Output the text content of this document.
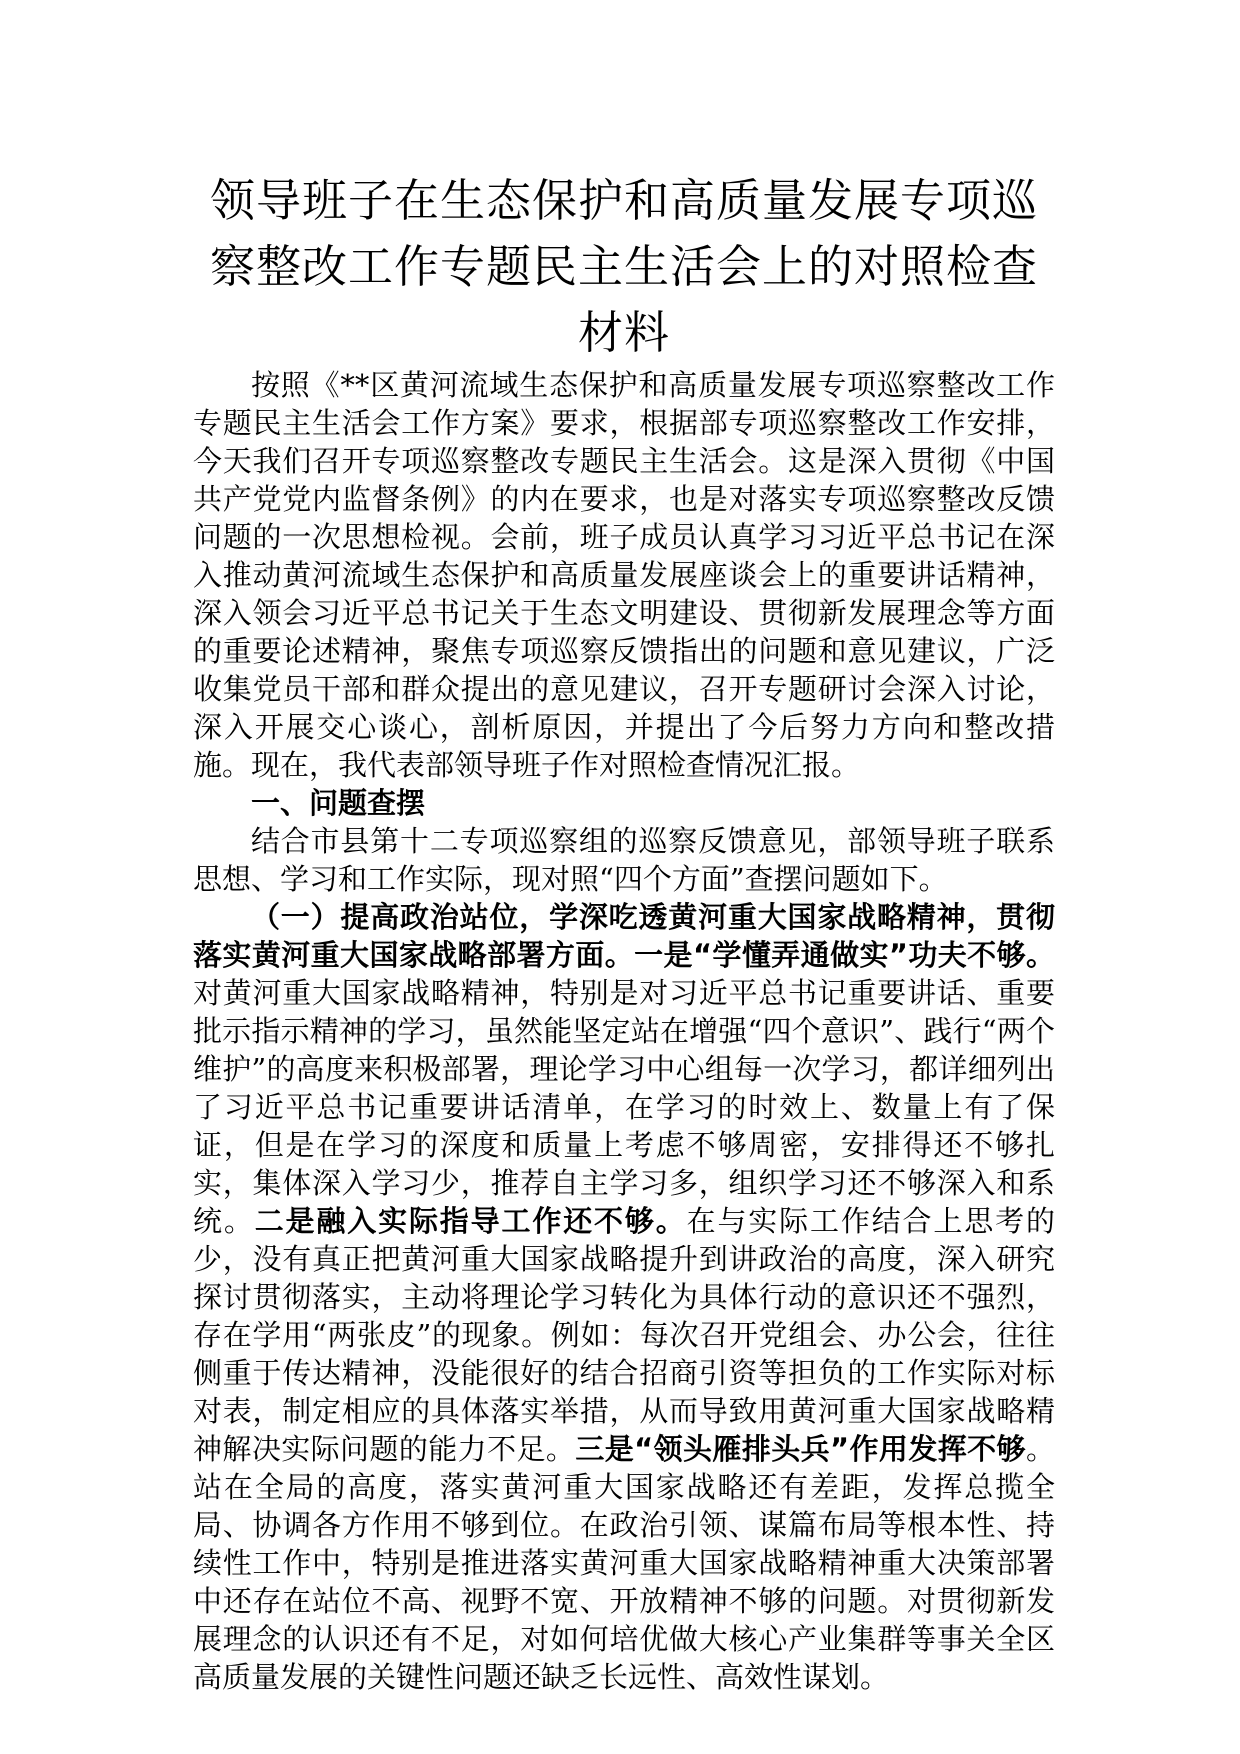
领导班子在生态保护和高质量发展专项巡察整改工作专题民主生活会上的对照检查材料

按照《**区黄河流域生态保护和高质量发展专项巡察整改工作专题民主生活会工作方案》要求，根据部专项巡察整改工作安排，今天我们召开专项巡察整改专题民主生活会。这是深入贯彻《中国共产党党内监督条例》的内在要求，也是对落实专项巡察整改反馈问题的一次思想检视。会前，班子成员认真学习习近平总书记在深入推动黄河流域生态保护和高质量发展座谈会上的重要讲话精神，深入领会习近平总书记关于生态文明建设、贯彻新发展理念等方面的重要论述精神，聚焦专项巡察反馈指出的问题和意见建议，广泛收集党员干部和群众提出的意见建议，召开专题研讨会深入讨论，深入开展交心谈心，剖析原因，并提出了今后努力方向和整改措施。现在，我代表部领导班子作对照检查情况汇报。

一、问题查摆

结合市县第十二专项巡察组的巡察反馈意见，部领导班子联系思想、学习和工作实际，现对照“四个方面”查摆问题如下。

（一）提高政治站位，学深吃透黄河重大国家战略精神，贯彻落实黄河重大国家战略部署方面。一是“学懂弄通做实”功夫不够。对黄河重大国家战略精神，特别是对习近平总书记重要讲话、重要批示指示精神的学习，虽然能坚定站在增强“四个意识”、践行“两个维护”的高度来积极部署，理论学习中心组每一次学习，都详细列出了习近平总书记重要讲话清单，在学习的时效上、数量上有了保证，但是在学习的深度和质量上考虑不够周密，安排得还不够扎实，集体深入学习少，推荐自主学习多，组织学习还不够深入和系统。二是融入实际指导工作还不够。在与实际工作结合上思考的少，没有真正把黄河重大国家战略提升到讲政治的高度，深入研究探讨贯彻落实，主动将理论学习转化为具体行动的意识还不强烈，存在学用“两张皮”的现象。例如：每次召开党组会、办公会，往往侧重于传达精神，没能很好的结合招商引资等担负的工作实际对标对表，制定相应的具体落实举措，从而导致用黄河重大国家战略精神解决实际问题的能力不足。三是“领头雁排头兵”作用发挥不够。站在全局的高度，落实黄河重大国家战略还有差距，发挥总揽全局、协调各方作用不够到位。在政治引领、谋篇布局等根本性、持续性工作中，特别是推进落实黄河重大国家战略精神重大决策部署中还存在站位不高、视野不宽、开放精神不够的问题。对贯彻新发展理念的认识还有不足，对如何培优做大核心产业集群等事关全区高质量发展的关键性问题还缺乏长远性、高效性谋划。
